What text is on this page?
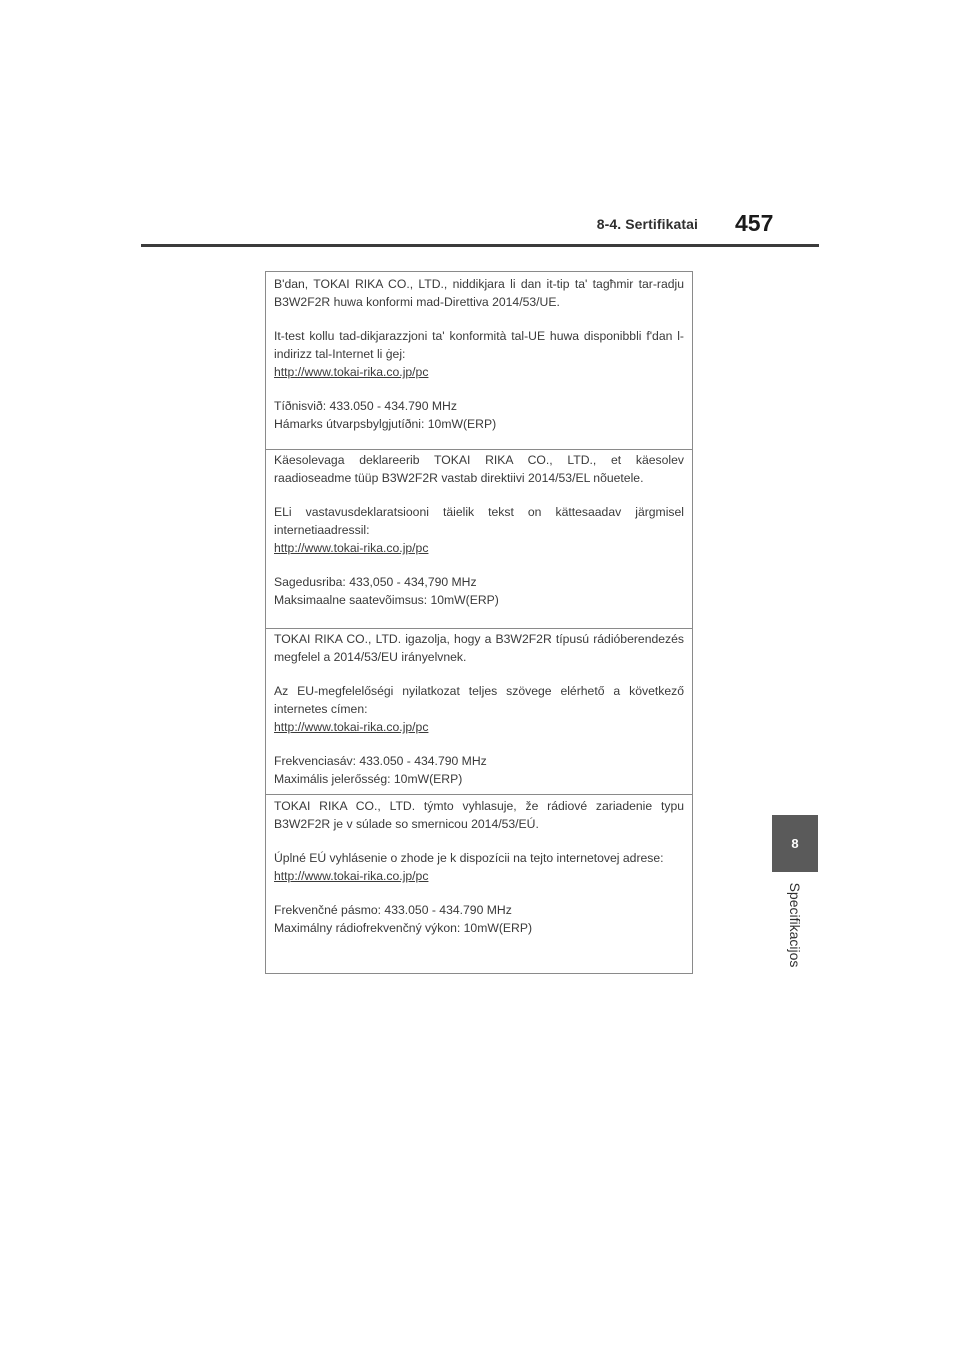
8-4. Sertifikatai 457
8
Specifikacijos

B'dan, TOKAI RIKA CO., LTD., niddikjara li dan it-tip ta' tagħmir tar-radju B3W2F2R huwa konformi mad-Direttiva 2014/53/UE.

It-test kollu tad-dikjarazzjoni ta' konformità tal-UE huwa disponibbli f'dan l-indirizz tal-Internet li ġej:

http://www.tokai-rika.co.jp/pc

Tíðnisvið: 433.050 - 434.790 MHz

Hámarks útvarpsbylgjutíðni: 10mW(ERP)

Käesolevaga deklareerib TOKAI RIKA CO., LTD., et käesolev raadioseadme tüüp B3W2F2R vastab direktiivi 2014/53/EL nõuetele.

ELi vastavusdeklaratsiooni täielik tekst on kättesaadav järgmisel internetiaadressil:

http://www.tokai-rika.co.jp/pc

Sagedusriba: 433,050 - 434,790 MHz

Maksimaalne saatevõimsus: 10mW(ERP)

TOKAI RIKA CO., LTD. igazolja, hogy a B3W2F2R típusú rádióberendezés megfelel a 2014/53/EU irányelvnek.

Az EU-megfelelőségi nyilatkozat teljes szövege elérhető a következő internetes címen:

http://www.tokai-rika.co.jp/pc

Frekvenciasáv: 433.050 - 434.790 MHz

Maximális jelerősség: 10mW(ERP)

TOKAI RIKA CO., LTD. týmto vyhlasuje, že rádiové zariadenie typu B3W2F2R je v súlade so smernicou 2014/53/EÚ.

Úplné EÚ vyhlásenie o zhode je k dispozícii na tejto internetovej adrese:

http://www.tokai-rika.co.jp/pc

Frekvenčné pásmo: 433.050 - 434.790 MHz

Maximálny rádiofrekvenčný výkon: 10mW(ERP)
